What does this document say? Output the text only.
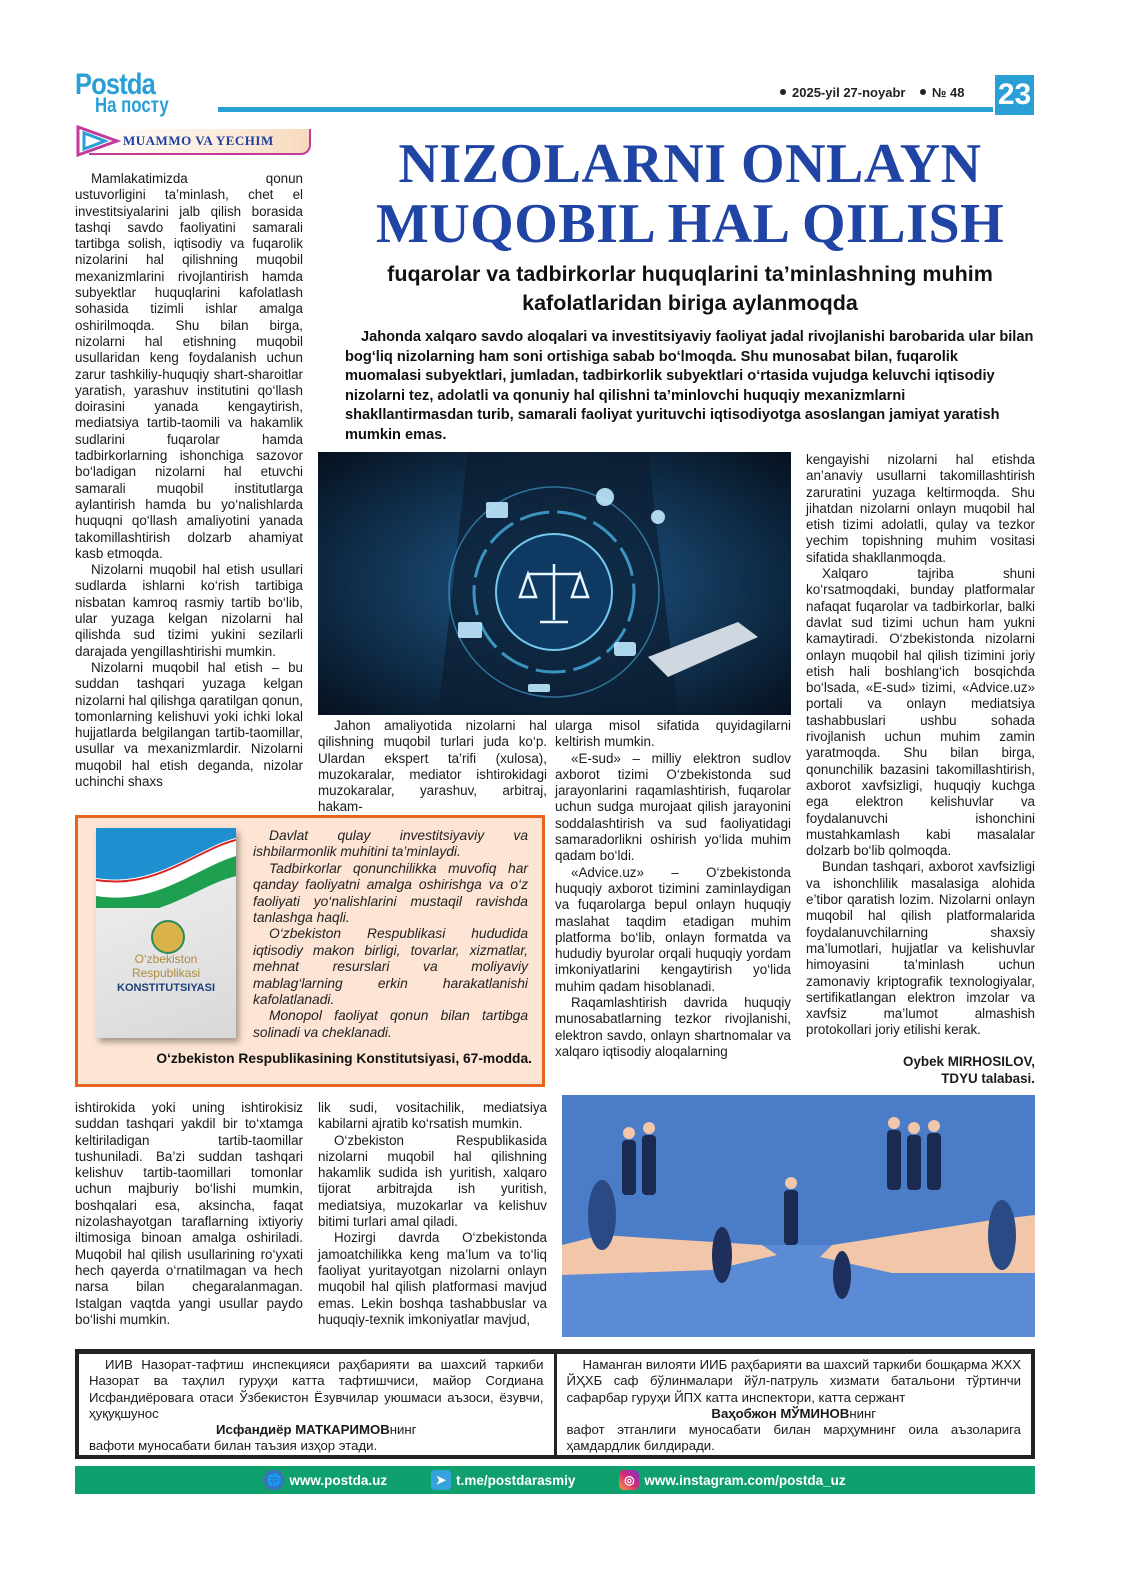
Postda
На посту
2025-yil 27-noyabr № 48 23
MUAMMO VA YECHIM	NIZOLARNI ONLAYN
MUQOBIL HAL QILISH
fuqarolar va tadbirkorlar huquqlarini ta’minlashning muhim kafolatlaridan biriga aylanmoqda

Jahonda xalqaro savdo aloqalari va investitsiyaviy faoliyat jadal rivojlanishi barobarida ular bilan bog‘liq nizolarning ham soni ortishiga sabab bo‘lmoqda. Shu munosabat bilan, fuqarolik muomalasi subyektlari, jumladan, tadbirkorlik subyektlari o‘rtasida vujudga keluvchi iqtisodiy nizolarni tez, adolatli va qonuniy hal qilishni ta’minlovchi huquqiy mexanizmlarni shakllantirmasdan turib, samarali faoliyat yurituvchi iqtisodiyotga asoslangan jamiyat yaratish mumkin emas.

Mamlakatimizda qonun ustuvorligini ta’minlash, chet el investitsiyalarini jalb qilish borasida tashqi savdo faoliyatini samarali tartibga solish, iqtisodiy va fuqarolik nizolarini hal qilishning muqobil mexanizmlarini rivojlantirish hamda subyektlar huquqlarini kafolatlash sohasida tizimli ishlar amalga oshirilmoqda. Shu bilan birga, nizolarni hal etishning muqobil usullaridan keng foydalanish uchun zarur tashkiliy-huquqiy shart-sharoitlar yaratish, yarashuv institutini qo‘llash doirasini yanada kengaytirish, mediatsiya tartib-taomili va hakamlik sudlarini fuqarolar hamda tadbirkorlarning ishonchiga sazovor bo‘ladigan nizolarni hal etuvchi samarali muqobil institutlarga aylantirish hamda bu yo‘nalishlarda huquqni qo‘llash amaliyotini yanada takomillashtirish dolzarb ahamiyat kasb etmoqda.

Nizolarni muqobil hal etish usullari sudlarda ishlarni ko‘rish tartibiga nisbatan kamroq rasmiy tartib bo‘lib, ular yuzaga kelgan nizolarni hal qilishda sud tizimi yukini sezilarli darajada yengillashtirishi mumkin.

Nizolarni muqobil hal etish – bu suddan tashqari yuzaga kelgan nizolarni hal qilishga qaratilgan qonun, tomonlarning kelishuvi yoki ichki lokal hujjatlarda belgilangan tartib-taomillar, usullar va mexanizmlardir. Nizolarni muqobil hal etish deganda, nizolar uchinchi shaxs

Jahon amaliyotida nizolarni hal qilishning muqobil turlari juda ko‘p. Ulardan ekspert ta’rifi (xulosa), muzokaralar, mediator ishtirokidagi muzokaralar, yarashuv, arbitraj, hakam-

ularga misol sifatida quyidagilarni keltirish mumkin.

«E-sud» – milliy elektron sudlov axborot tizimi O‘zbekistonda sud jarayonlarini raqamlashtirish, fuqarolar uchun sudga murojaat qilish jarayonini soddalashtirish va sud faoliyatidagi samaradorlikni oshirish yo‘lida muhim qadam bo‘ldi.

«Advice.uz» – O‘zbekistonda huquqiy axborot tizimini zaminlaydigan va fuqarolarga bepul onlayn huquqiy maslahat taqdim etadigan muhim platforma bo‘lib, onlayn formatda va hududiy byurolar orqali huquqiy yordam imkoniyatlarini kengaytirish yo‘lida muhim qadam hisoblanadi.

Raqamlashtirish davrida huquqiy munosabatlarning tezkor rivojlanishi, elektron savdo, onlayn shartnomalar va xalqaro iqtisodiy aloqalarning

kengayishi nizolarni hal etishda an’anaviy usullarni takomillashtirish zaruratini yuzaga keltirmoqda. Shu jihatdan nizolarni onlayn muqobil hal etish tizimi adolatli, qulay va tezkor yechim topishning muhim vositasi sifatida shakllanmoqda.

Xalqaro tajriba shuni ko‘rsatmoqdaki, bunday platformalar nafaqat fuqarolar va tadbirkorlar, balki davlat sud tizimi uchun ham yukni kamaytiradi. O‘zbekistonda nizolarni onlayn muqobil hal qilish tizimini joriy etish hali boshlang‘ich bosqichda bo‘lsada, «E-sud» tizimi, «Advice.uz» portali va onlayn mediatsiya tashabbuslari ushbu sohada rivojlanish uchun muhim zamin yaratmoqda. Shu bilan birga, qonunchilik bazasini takomillashtirish, axborot xavfsizligi, huquqiy kuchga ega elektron kelishuvlar va foydalanuvchi ishonchini mustahkamlash kabi masalalar dolzarb bo‘lib qolmoqda.

Bundan tashqari, axborot xavfsizligi va ishonchlilik masalasiga alohida e’tibor qaratish lozim. Nizolarni onlayn muqobil hal qilish platformalarida foydalanuvchilarning shaxsiy ma’lumotlari, hujjatlar va kelishuvlar himoyasini ta’minlash uchun zamonaviy kriptografik texnologiyalar, sertifikatlangan elektron imzolar va xavfsiz ma’lumot almashish protokollari joriy etilishi kerak.

Oybek MIRHOSILOV,
TDYU talabasi.
O‘zbekiston
Respublikasi
KONSTITUTSIYASI

Davlat qulay investitsiyaviy va ishbilarmonlik muhitini ta’minlaydi.

Tadbirkorlar qonunchilikka muvofiq har qanday faoliyatni amalga oshirishga va o‘z faoliyati yo‘nalishlarini mustaqil ravishda tanlashga haqli.

O‘zbekiston Respublikasi hududida iqtisodiy makon birligi, tovarlar, xizmatlar, mehnat resurslari va moliyaviy mablag‘larning erkin harakatlanishi kafolatlanadi.

Monopol faoliyat qonun bilan tartibga solinadi va cheklanadi.

O‘zbekiston Respublikasining Konstitutsiyasi, 67-modda.

ishtirokida yoki uning ishtirokisiz suddan tashqari yakdil bir to‘xtamga keltiriladigan tartib-taomillar tushuniladi. Ba’zi suddan tashqari kelishuv tartib-taomillari tomonlar uchun majburiy bo‘lishi mumkin, boshqalari esa, aksincha, faqat nizolashayotgan taraflarning ixtiyoriy iltimosiga binoan amalga oshiriladi. Muqobil hal qilish usullarining ro‘yxati hech qayerda o‘rnatilmagan va hech narsa bilan chegaralanmagan. Istalgan vaqtda yangi usullar paydo bo‘lishi mumkin.

lik sudi, vositachilik, mediatsiya kabilarni ajratib ko‘rsatish mumkin.

O‘zbekiston Respublikasida nizolarni muqobil hal qilishning hakamlik sudida ish yuritish, xalqaro tijorat arbitrajda ish yuritish, mediatsiya, muzokarlar va kelishuv bitimi turlari amal qiladi.

Hozirgi davrda O‘zbekistonda jamoatchilikka keng ma’lum va to‘liq faoliyat yuritayotgan nizolarni onlayn muqobil hal qilish platformasi mavjud emas. Lekin boshqa tashabbuslar va huquqiy-texnik imkoniyatlar mavjud,

ИИВ Назорат-тафтиш инспекцияси раҳбарияти ва шахсий таркиби Назорат ва таҳлил гуруҳи катта тафтишчиси, майор Согдиана Исфандиёровага отаси Ўзбекистон Ёзувчилар уюшмаси аъзоси, ёзувчи, ҳуқуқшунос

Исфандиёр МАТКАРИМОВнинг
вафоти муносабати билан таъзия изҳор этади.

Наманган вилояти ИИБ раҳбарияти ва шахсий таркиби бошқарма ЖХХ ЙҲХБ саф бўлинмалари йўл-патруль хизмати батальони тўртинчи сафарбар гуруҳи ЙПХ катта инспектори, катта сержант

Ваҳобжон МЎМИНОВнинг
вафот этганлиги муносабати билан марҳумнинг оила аъзоларига ҳамдардлик билдиради.
🌐 www.postda.uz	➤ t.me/postdarasmiy	◎ www.instagram.com/postda_uz
